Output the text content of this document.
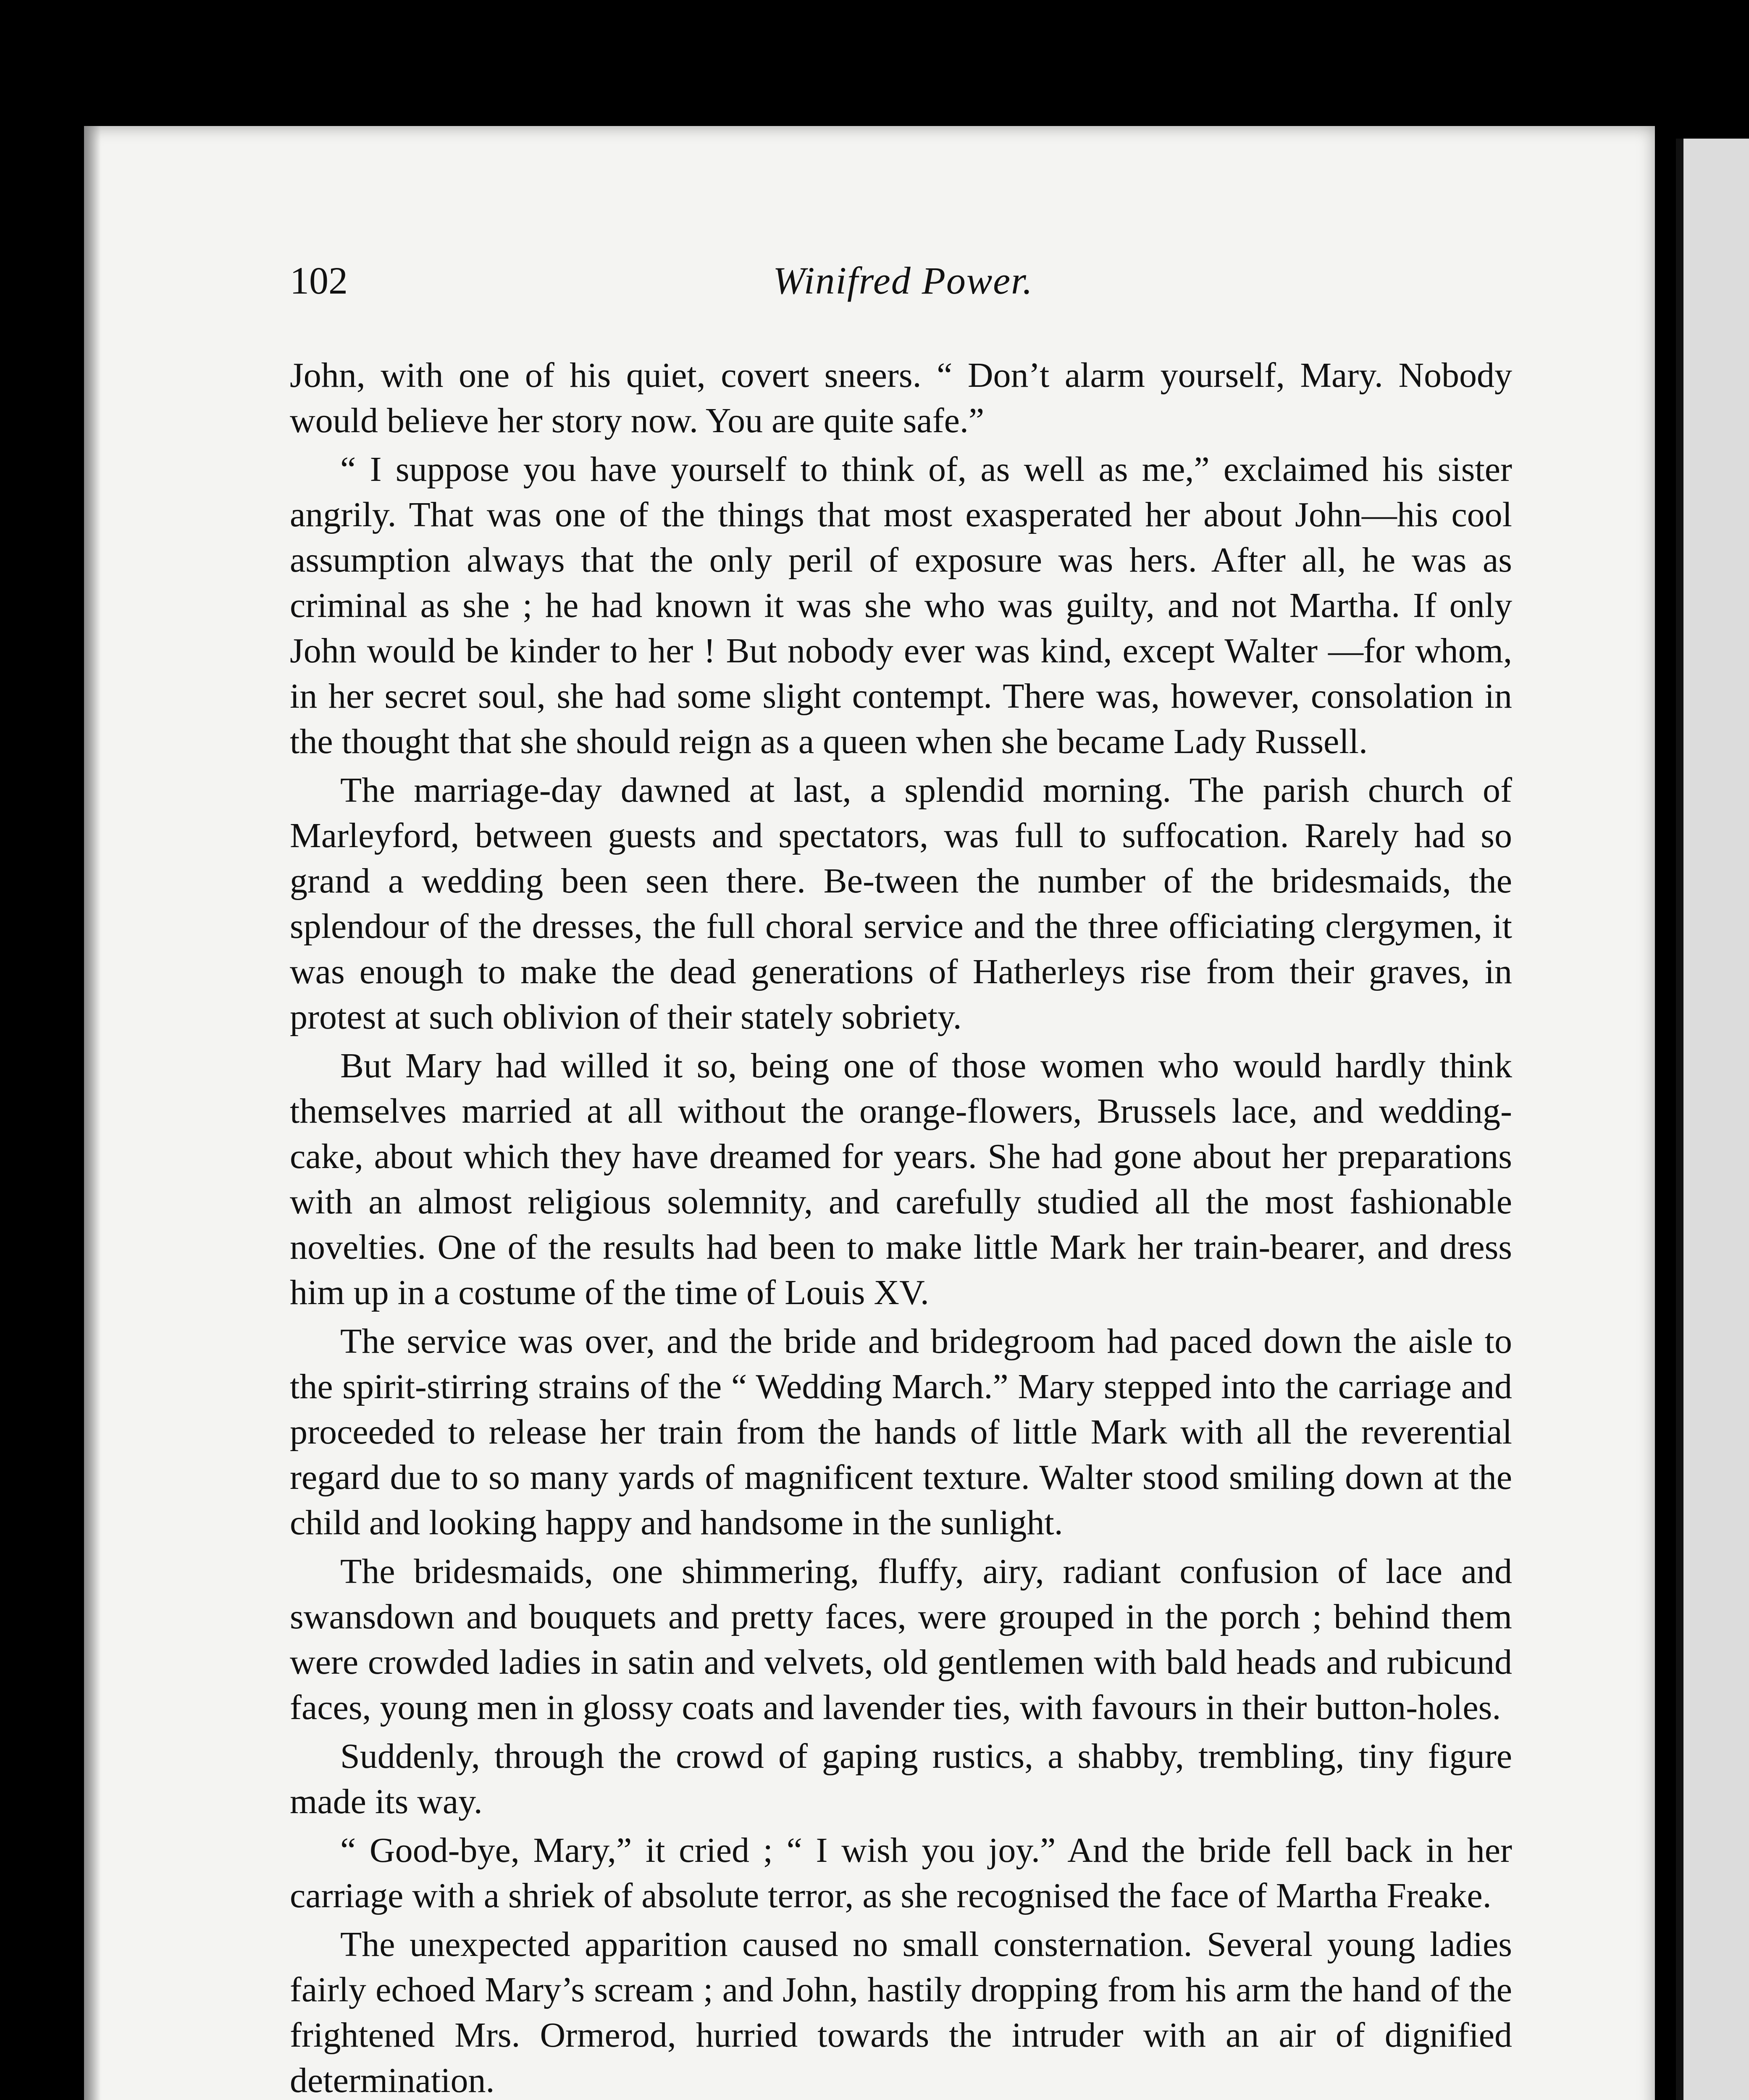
102	Winifred Power.

John, with one of his quiet, covert sneers. “ Don’t alarm yourself, Mary. Nobody would believe her story now. You are quite safe.”

“ I suppose you have yourself to think of, as well as me,” exclaimed his sister angrily. That was one of the things that most exasperated her about John—his cool assumption always that the only peril of exposure was hers. After all, he was as criminal as she ; he had known it was she who was guilty, and not Martha. If only John would be kinder to her ! But nobody ever was kind, except Walter —for whom, in her secret soul, she had some slight contempt. There was, however, consolation in the thought that she should reign as a queen when she became Lady Russell.

The marriage-day dawned at last, a splendid morning. The parish church of Marleyford, between guests and spectators, was full to suffocation. Rarely had so grand a wedding been seen there. Be-tween the number of the bridesmaids, the splendour of the dresses, the full choral service and the three officiating clergymen, it was enough to make the dead generations of Hatherleys rise from their graves, in protest at such oblivion of their stately sobriety.

But Mary had willed it so, being one of those women who would hardly think themselves married at all without the orange-flowers, Brussels lace, and wedding-cake, about which they have dreamed for years. She had gone about her preparations with an almost religious solemnity, and carefully studied all the most fashionable novelties. One of the results had been to make little Mark her train-bearer, and dress him up in a costume of the time of Louis XV.

The service was over, and the bride and bridegroom had paced down the aisle to the spirit-stirring strains of the “ Wedding March.” Mary stepped into the carriage and proceeded to release her train from the hands of little Mark with all the reverential regard due to so many yards of magnificent texture. Walter stood smiling down at the child and looking happy and handsome in the sunlight.

The bridesmaids, one shimmering, fluffy, airy, radiant confusion of lace and swansdown and bouquets and pretty faces, were grouped in the porch ; behind them were crowded ladies in satin and velvets, old gentlemen with bald heads and rubicund faces, young men in glossy coats and lavender ties, with favours in their button-holes.

Suddenly, through the crowd of gaping rustics, a shabby, trembling, tiny figure made its way.

“ Good-bye, Mary,” it cried ; “ I wish you joy.” And the bride fell back in her carriage with a shriek of absolute terror, as she recognised the face of Martha Freake.

The unexpected apparition caused no small consternation. Several young ladies fairly echoed Mary’s scream ; and John, hastily dropping from his arm the hand of the frightened Mrs. Ormerod, hurried towards the intruder with an air of dignified determination.
